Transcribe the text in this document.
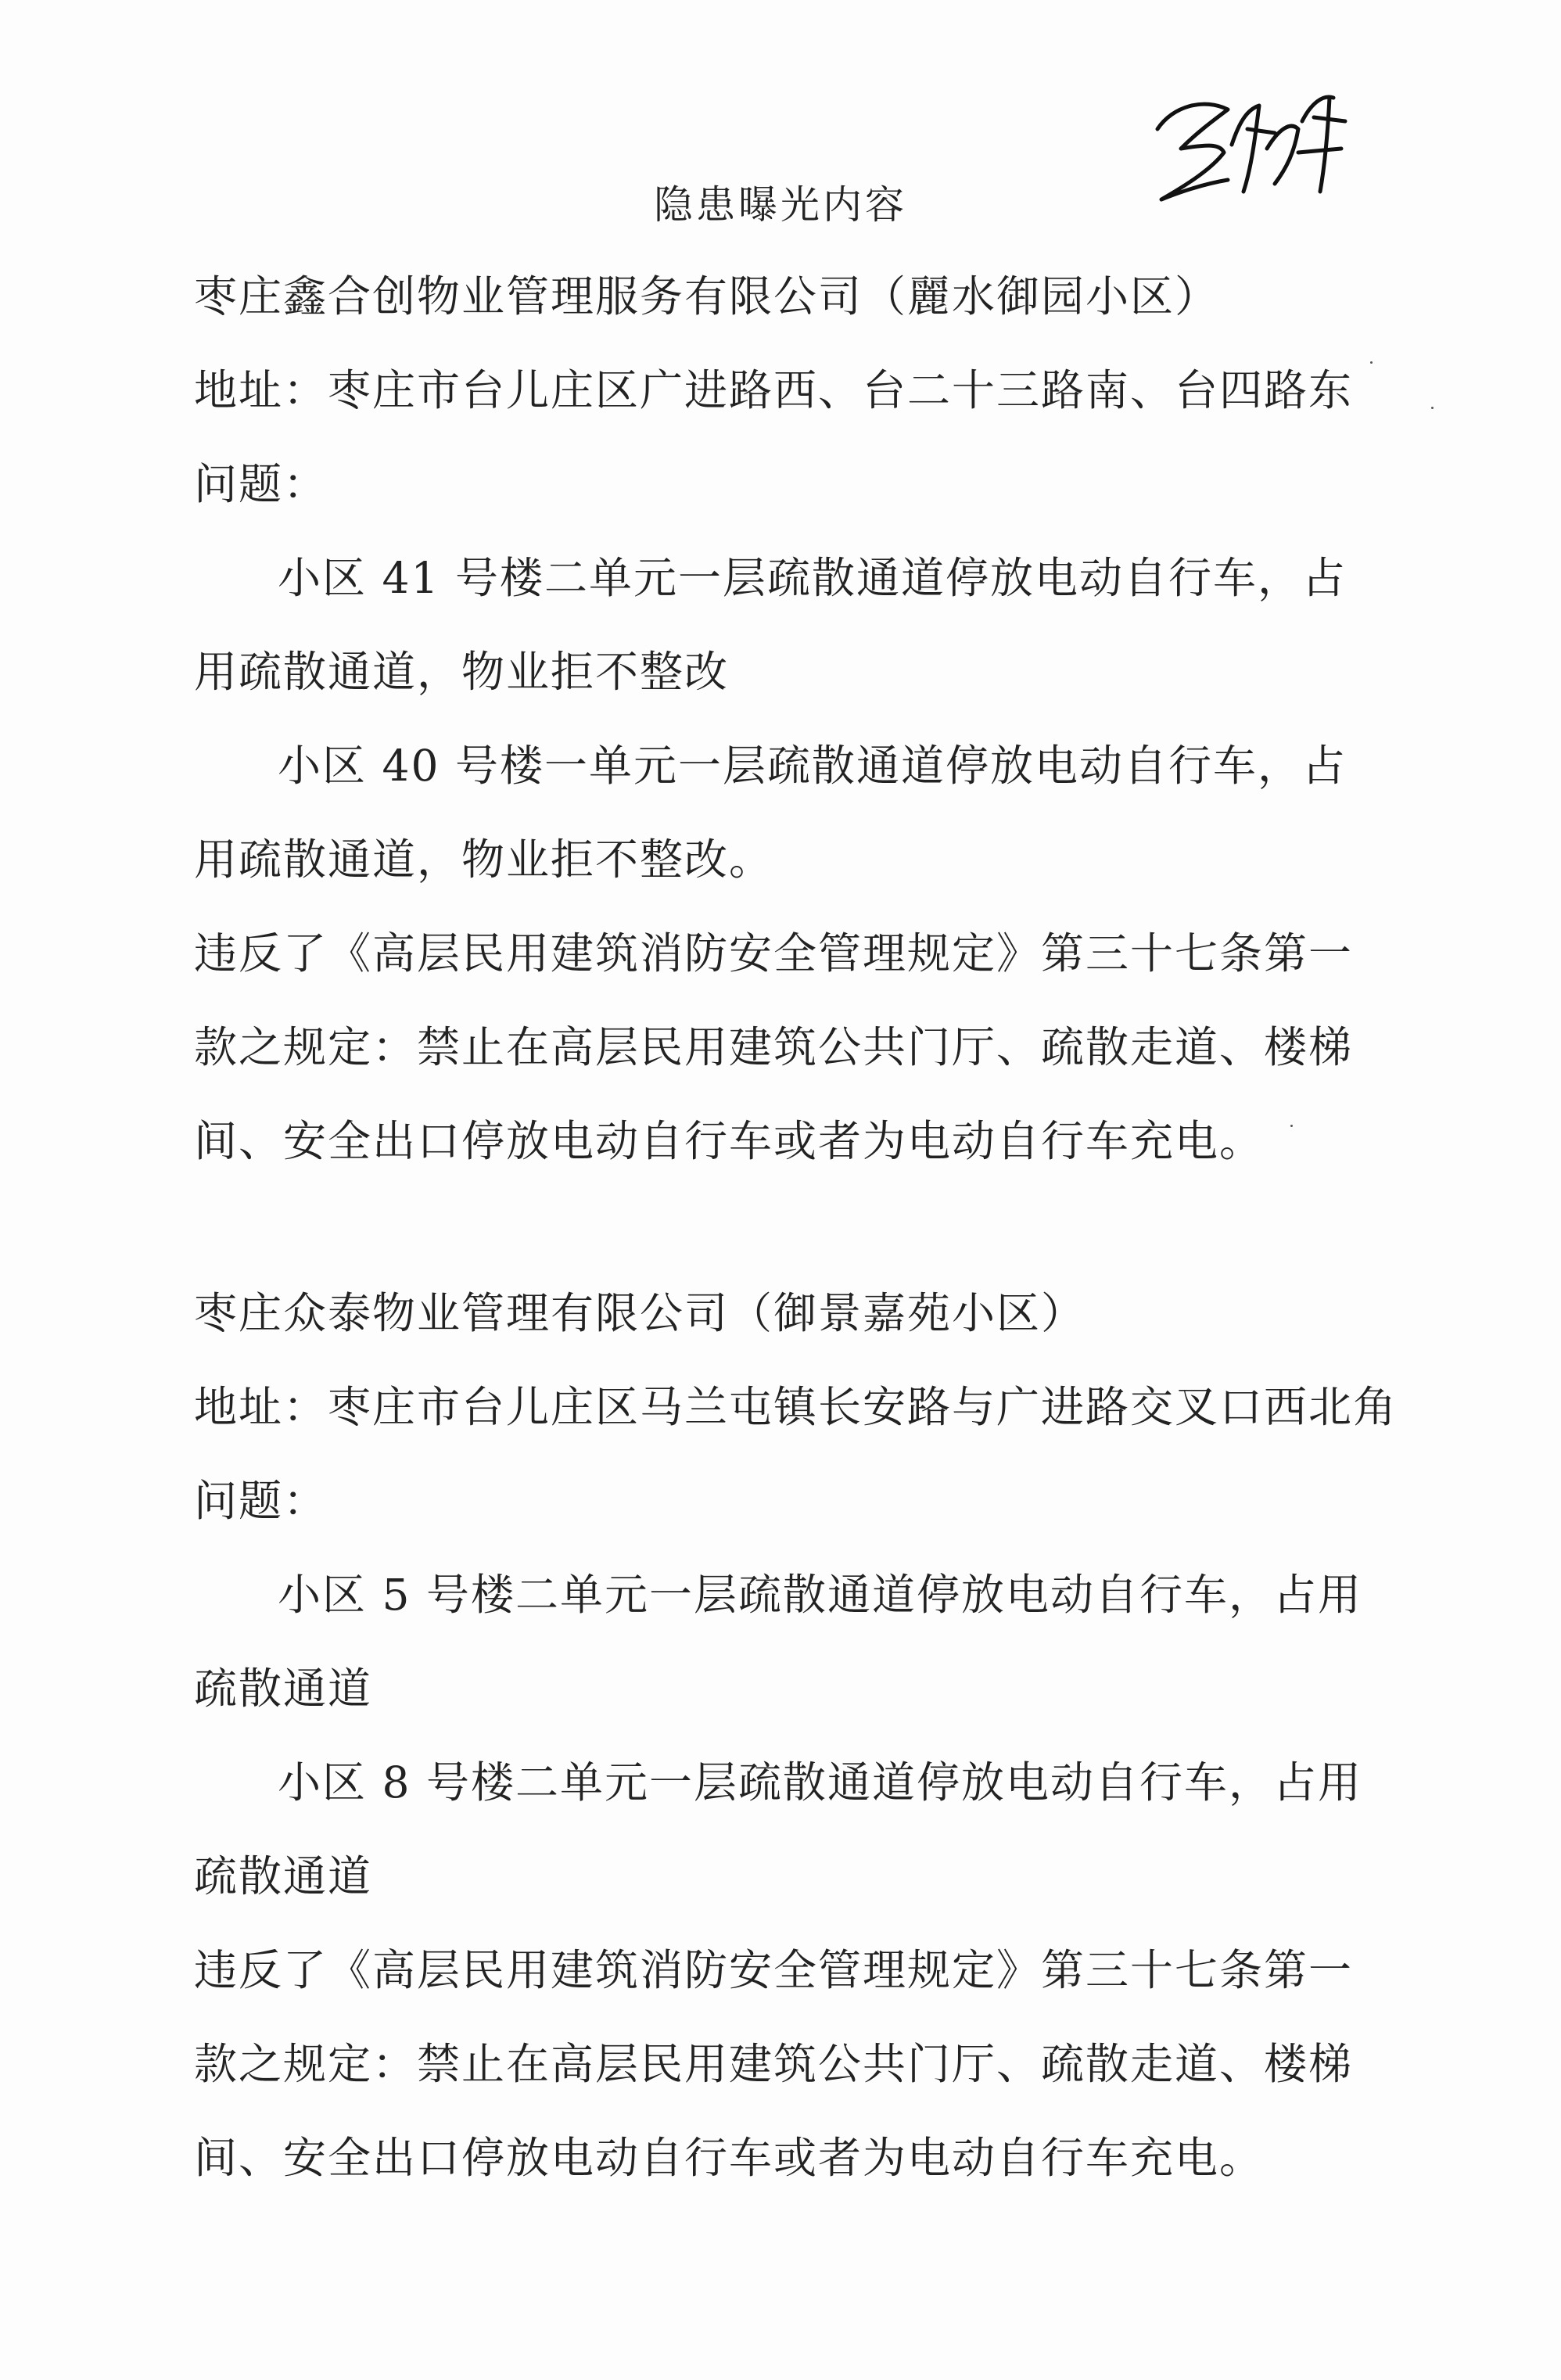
隐患曝光内容
枣庄鑫合创物业管理服务有限公司（麗水御园小区）
地址：枣庄市台儿庄区广进路西、台二十三路南、台四路东
问题：
小区 41 号楼二单元一层疏散通道停放电动自行车，占
用疏散通道，物业拒不整改
小区 40 号楼一单元一层疏散通道停放电动自行车，占
用疏散通道，物业拒不整改。
违反了《高层民用建筑消防安全管理规定》第三十七条第一
款之规定：禁止在高层民用建筑公共门厅、疏散走道、楼梯
间、安全出口停放电动自行车或者为电动自行车充电。
枣庄众泰物业管理有限公司（御景嘉苑小区）
地址：枣庄市台儿庄区马兰屯镇长安路与广进路交叉口西北角
问题：
小区 5 号楼二单元一层疏散通道停放电动自行车，占用
疏散通道
小区 8 号楼二单元一层疏散通道停放电动自行车，占用
疏散通道
违反了《高层民用建筑消防安全管理规定》第三十七条第一
款之规定：禁止在高层民用建筑公共门厅、疏散走道、楼梯
间、安全出口停放电动自行车或者为电动自行车充电。
